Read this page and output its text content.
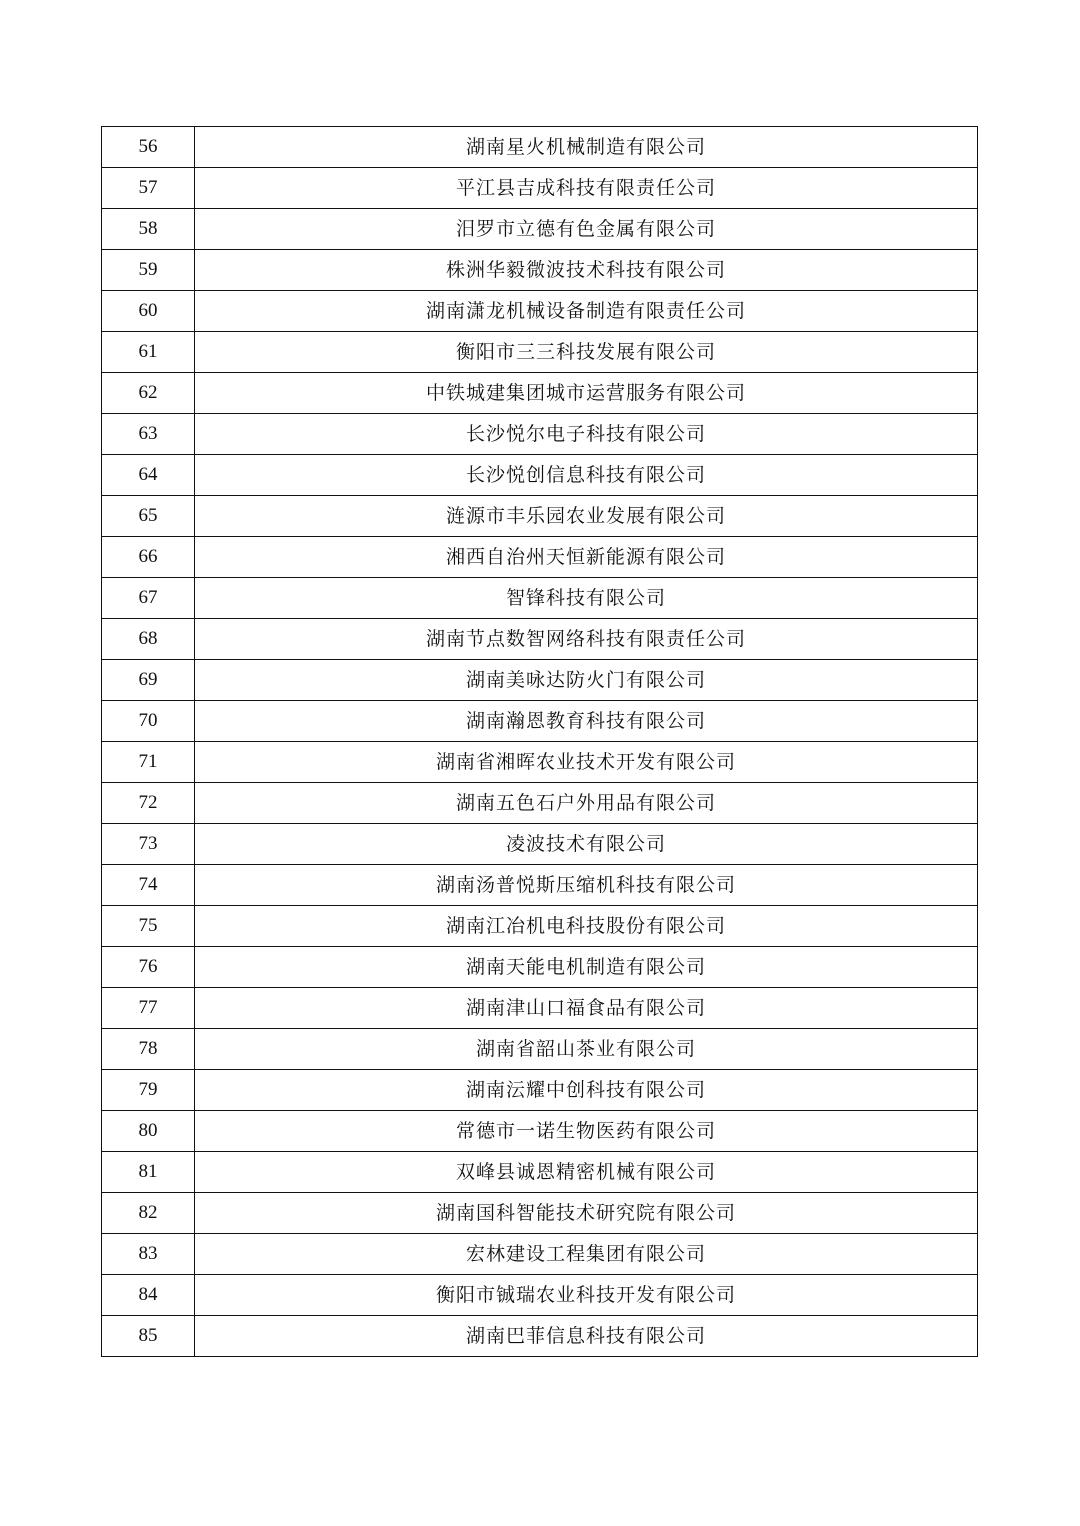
56	湖南星火机械制造有限公司
57	平江县吉成科技有限责任公司
58	汨罗市立德有色金属有限公司
59	株洲华毅微波技术科技有限公司
60	湖南潇龙机械设备制造有限责任公司
61	衡阳市三三科技发展有限公司
62	中铁城建集团城市运营服务有限公司
63	长沙悦尔电子科技有限公司
64	长沙悦创信息科技有限公司
65	涟源市丰乐园农业发展有限公司
66	湘西自治州天恒新能源有限公司
67	智锋科技有限公司
68	湖南节点数智网络科技有限责任公司
69	湖南美咏达防火门有限公司
70	湖南瀚恩教育科技有限公司
71	湖南省湘晖农业技术开发有限公司
72	湖南五色石户外用品有限公司
73	凌波技术有限公司
74	湖南汤普悦斯压缩机科技有限公司
75	湖南江冶机电科技股份有限公司
76	湖南天能电机制造有限公司
77	湖南津山口福食品有限公司
78	湖南省韶山茶业有限公司
79	湖南沄耀中创科技有限公司
80	常德市一诺生物医药有限公司
81	双峰县诚恩精密机械有限公司
82	湖南国科智能技术研究院有限公司
83	宏林建设工程集团有限公司
84	衡阳市铖瑞农业科技开发有限公司
85	湖南巴菲信息科技有限公司
